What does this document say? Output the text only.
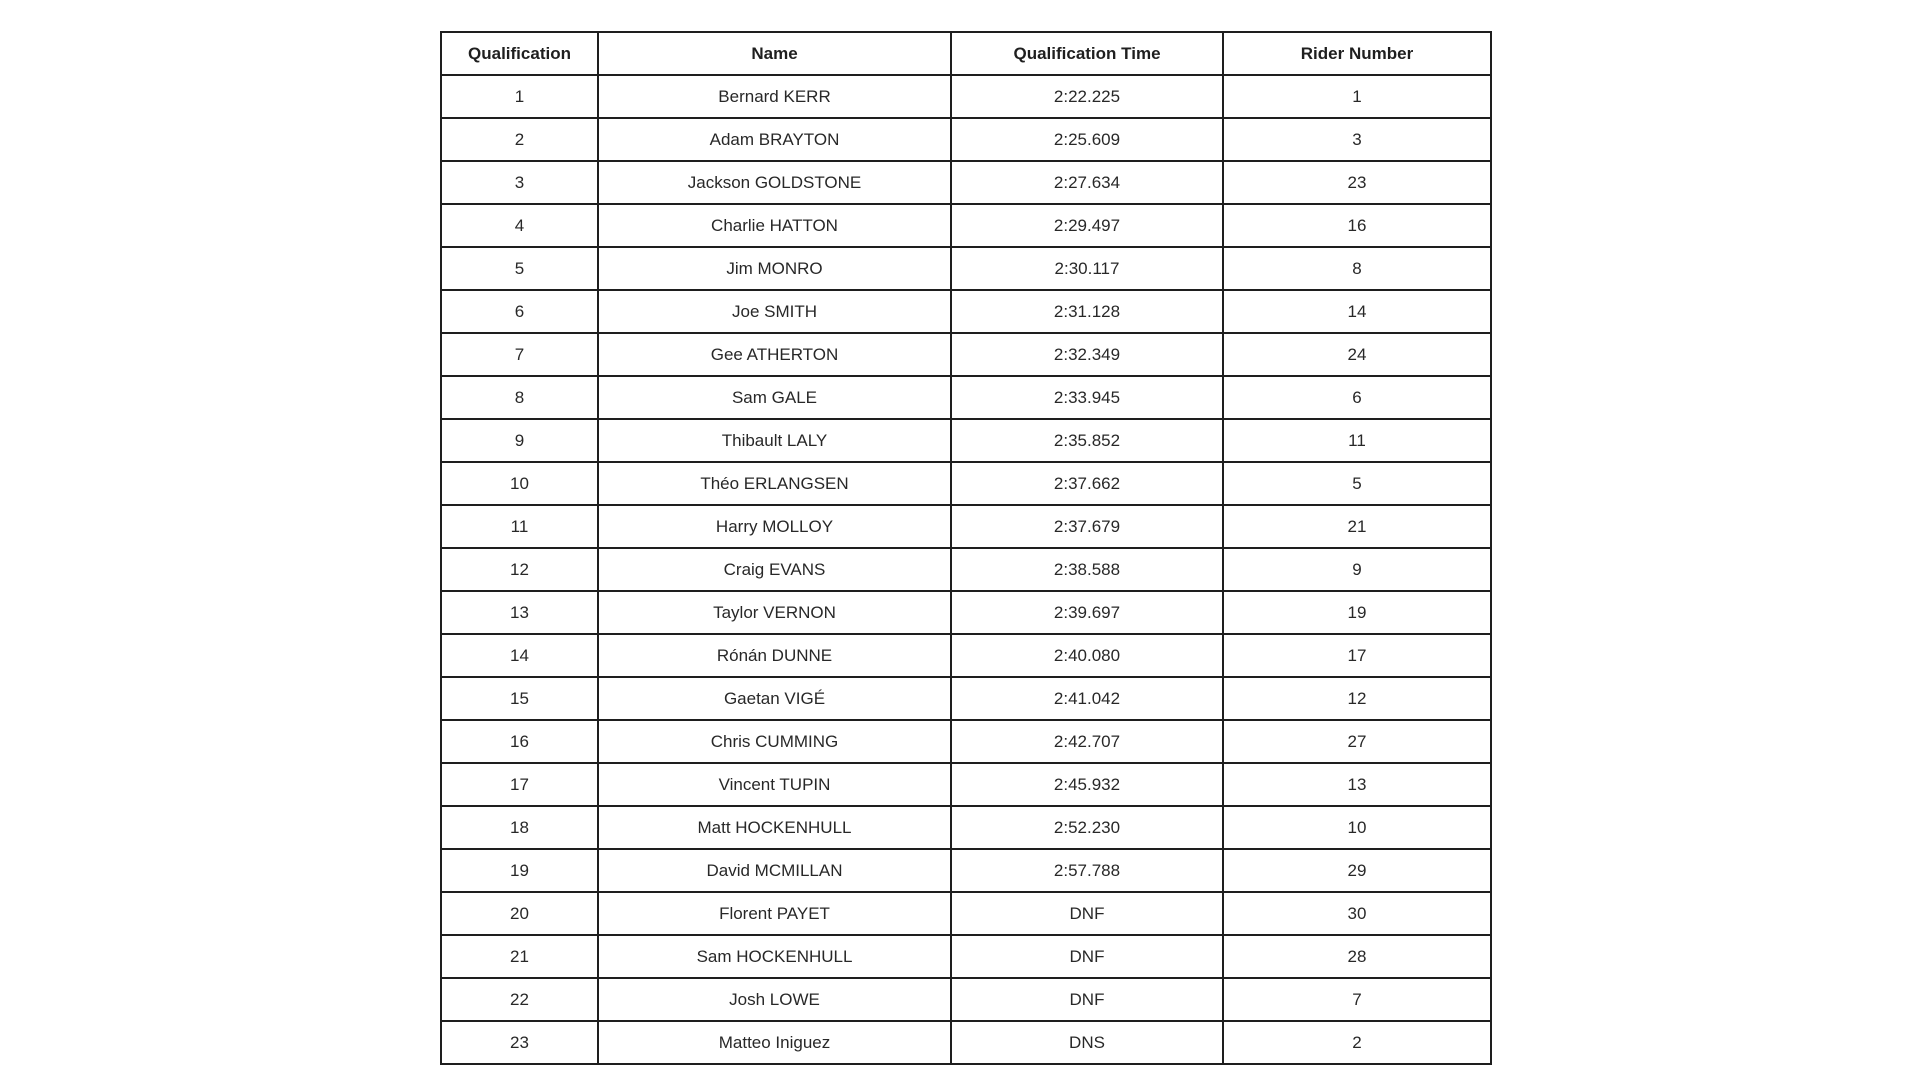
Qualification	Name	Qualification Time	Rider Number
1	Bernard KERR	2:22.225	1
2	Adam BRAYTON	2:25.609	3
3	Jackson GOLDSTONE	2:27.634	23
4	Charlie HATTON	2:29.497	16
5	Jim MONRO	2:30.117	8
6	Joe SMITH	2:31.128	14
7	Gee ATHERTON	2:32.349	24
8	Sam GALE	2:33.945	6
9	Thibault LALY	2:35.852	11
10	Théo ERLANGSEN	2:37.662	5
11	Harry MOLLOY	2:37.679	21
12	Craig EVANS	2:38.588	9
13	Taylor VERNON	2:39.697	19
14	Rónán DUNNE	2:40.080	17
15	Gaetan VIGÉ	2:41.042	12
16	Chris CUMMING	2:42.707	27
17	Vincent TUPIN	2:45.932	13
18	Matt HOCKENHULL	2:52.230	10
19	David MCMILLAN	2:57.788	29
20	Florent PAYET	DNF	30
21	Sam HOCKENHULL	DNF	28
22	Josh LOWE	DNF	7
23	Matteo Iniguez	DNS	2
